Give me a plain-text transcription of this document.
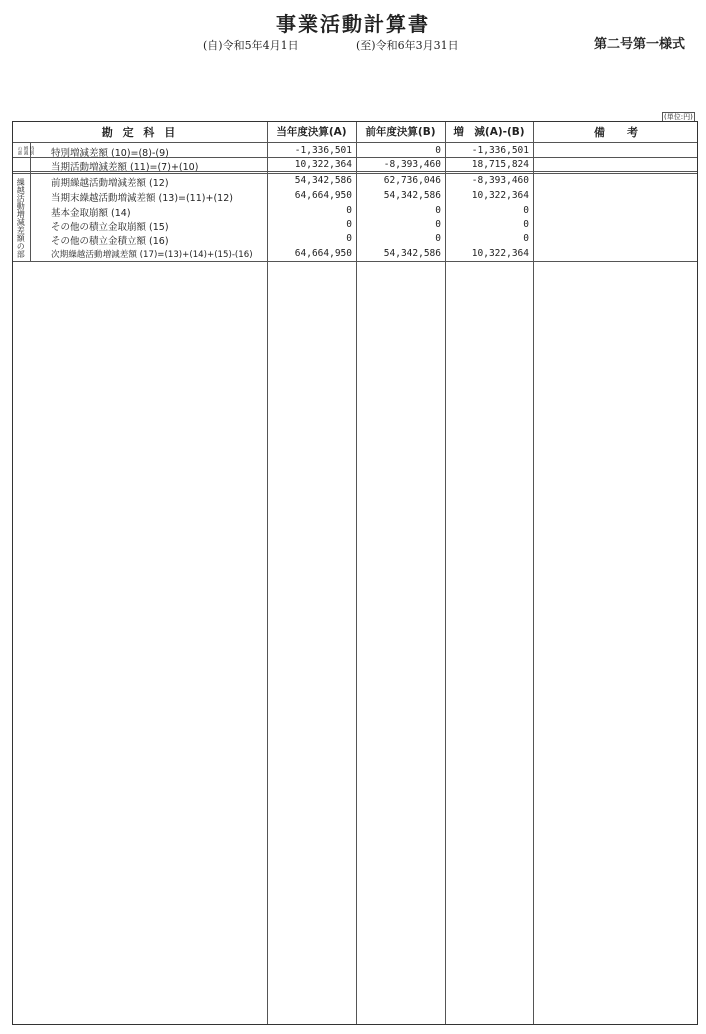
事業活動計算書
(自)令和5年4月1日	(至)令和6年3月31日	第二号第一様式
(単位:円)
勘 定 科 目	当年度決算(A)	前年度決算(B)	増　減(A)-(B)	備　　考
特別増減の部
繰越活動増減差額の部
特別増減差額 (10)=(8)-(9)	-1,336,501	0	-1,336,501
当期活動増減差額 (11)=(7)+(10)	10,322,364	-8,393,460	18,715,824
前期繰越活動増減差額 (12)	54,342,586	62,736,046	-8,393,460
当期末繰越活動増減差額 (13)=(11)+(12)	64,664,950	54,342,586	10,322,364
基本金取崩額 (14)	0	0	0
その他の積立金取崩額 (15)	0	0	0
その他の積立金積立額 (16)	0	0	0
次期繰越活動増減差額 (17)=(13)+(14)+(15)-(16)	64,664,950	54,342,586	10,322,364
